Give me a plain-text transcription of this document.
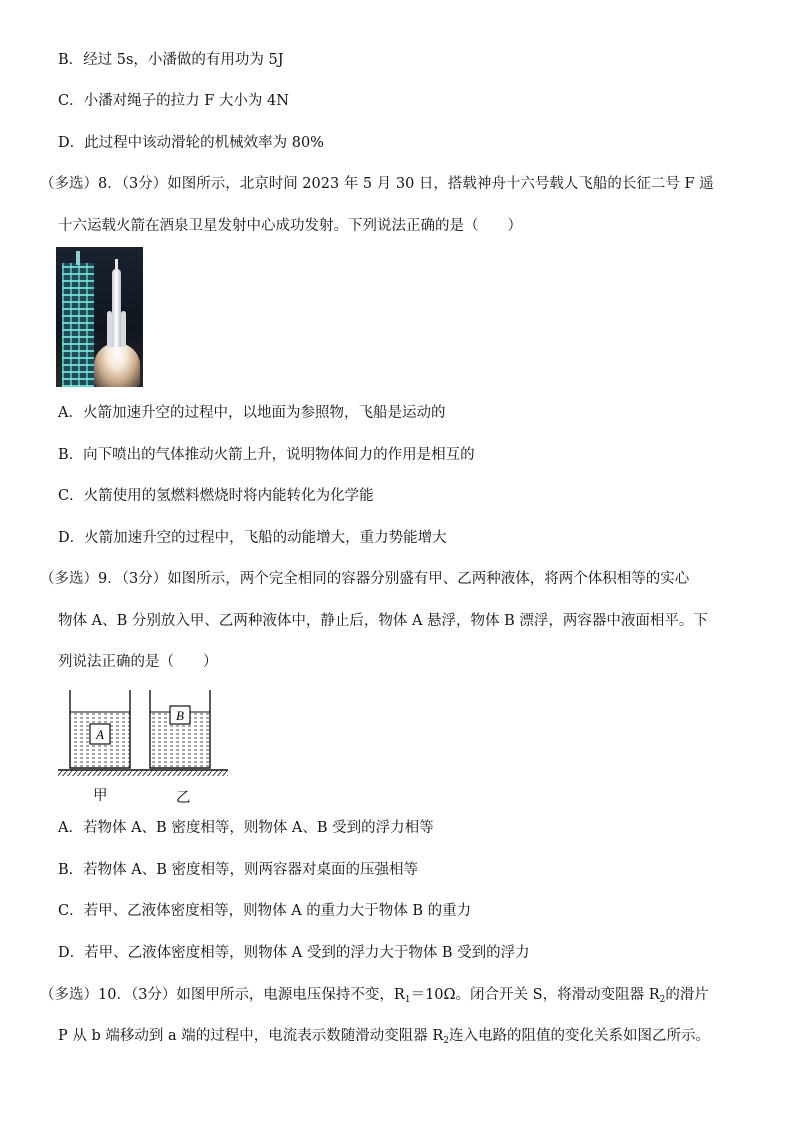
B．经过 5s，小潘做的有用功为 5J
C．小潘对绳子的拉力 F 大小为 4N
D．此过程中该动滑轮的机械效率为 80%
（多选）8．（3分）如图所示，北京时间 2023 年 5 月 30 日，搭载神舟十六号载人飞船的长征二号 F 遥
十六运载火箭在酒泉卫星发射中心成功发射。下列说法正确的是（　　）
A．火箭加速升空的过程中，以地面为参照物，飞船是运动的
B．向下喷出的气体推动火箭上升，说明物体间力的作用是相互的
C．火箭使用的氢燃料燃烧时将内能转化为化学能
D．火箭加速升空的过程中，飞船的动能增大，重力势能增大
（多选）9．（3分）如图所示，两个完全相同的容器分别盛有甲、乙两种液体，将两个体积相等的实心
物体 A、B 分别放入甲、乙两种液体中，静止后，物体 A 悬浮，物体 B 漂浮，两容器中液面相平。下
列说法正确的是（　　）
A
B
甲	乙
A．若物体 A、B 密度相等，则物体 A、B 受到的浮力相等
B．若物体 A、B 密度相等，则两容器对桌面的压强相等
C．若甲、乙液体密度相等，则物体 A 的重力大于物体 B 的重力
D．若甲、乙液体密度相等，则物体 A 受到的浮力大于物体 B 受到的浮力
（多选）10．（3分）如图甲所示，电源电压保持不变，$R_1=10\Omega$。闭合开关 S，将滑动变阻器 $R_2$的滑片
P 从 b 端移动到 a 端的过程中，电流表示数随滑动变阻器 $R_2$连入电路的阻值的变化关系如图乙所示。
